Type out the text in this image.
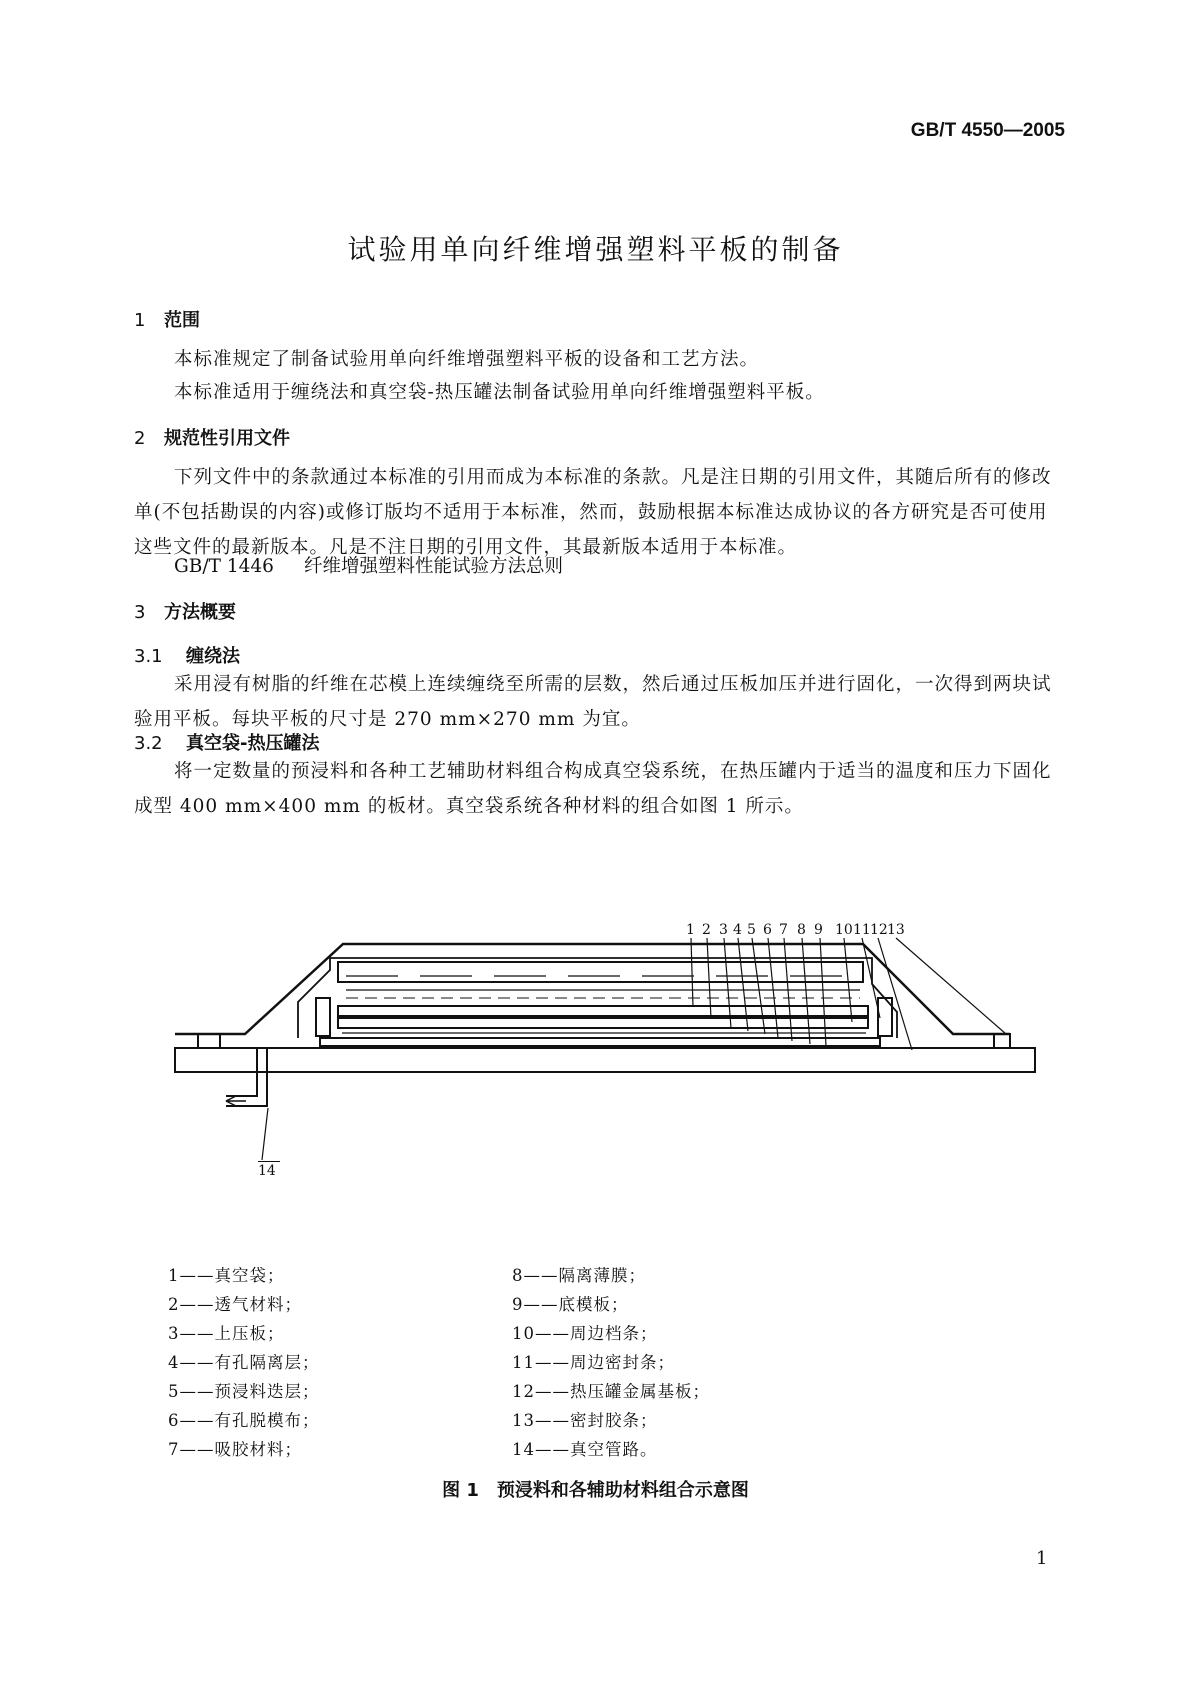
GB/T 4550—2005
试验用单向纤维增强塑料平板的制备
1 范围
本标准规定了制备试验用单向纤维增强塑料平板的设备和工艺方法。
本标准适用于缠绕法和真空袋-热压罐法制备试验用单向纤维增强塑料平板。
2 规范性引用文件
下列文件中的条款通过本标准的引用而成为本标准的条款。凡是注日期的引用文件，其随后所有的修改单(不包括勘误的内容)或修订版均不适用于本标准，然而，鼓励根据本标准达成协议的各方研究是否可使用这些文件的最新版本。凡是不注日期的引用文件，其最新版本适用于本标准。
GB/T 1446 纤维增强塑料性能试验方法总则
3 方法概要
3.1 缠绕法
采用浸有树脂的纤维在芯模上连续缠绕至所需的层数，然后通过压板加压并进行固化，一次得到两块试验用平板。每块平板的尺寸是 270 mm×270 mm 为宜。
3.2 真空袋-热压罐法
将一定数量的预浸料和各种工艺辅助材料组合构成真空袋系统，在热压罐内于适当的温度和压力下固化成型 400 mm×400 mm 的板材。真空袋系统各种材料的组合如图 1 所示。
1 2 3 4 5 6 7 8 9 10 11 12 13
14
1——真空袋；
2——透气材料；
3——上压板；
4——有孔隔离层；
5——预浸料迭层；
6——有孔脱模布；
7——吸胶材料；
8——隔离薄膜；
9——底模板；
10——周边档条；
11——周边密封条；
12——热压罐金属基板；
13——密封胶条；
14——真空管路。
图 1　预浸料和各辅助材料组合示意图
1
